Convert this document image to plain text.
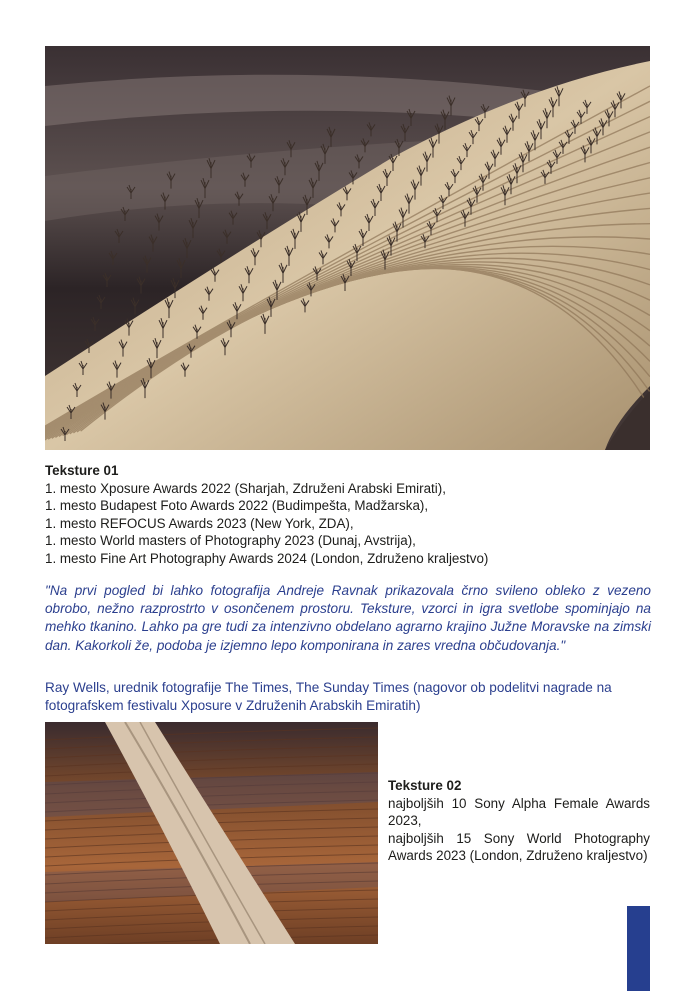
Teksture 01
1. mesto Xposure Awards 2022 (Sharjah, Združeni Arabski Emirati),
1. mesto Budapest Foto Awards 2022 (Budimpešta, Madžarska),
1. mesto REFOCUS Awards 2023 (New York, ZDA),
1. mesto World masters of Photography 2023 (Dunaj, Avstrija),
1. mesto Fine Art Photography Awards 2024 (London, Združeno kraljestvo)
"Na prvi pogled bi lahko fotografija Andreje Ravnak prikazovala črno svileno obleko z vezeno obrobo, nežno razprostrto v osončenem prostoru. Teksture, vzorci in igra svetlobe spominjajo na mehko tkanino. Lahko pa gre tudi za intenzivno obdelano agrarno krajino Južne Moravske na zimski dan. Kakorkoli že, podoba je izjemno lepo komponirana in zares vredna občudovanja."
Ray Wells, urednik fotografije The Times, The Sunday Times (nagovor ob podelitvi nagrade na fotografskem festivalu Xposure v Združenih Arabskih Emiratih)
Teksture 02
najboljših 10 Sony Alpha Female Awards 2023,
najboljših 15 Sony World Photography Awards 2023 (London, Združeno kraljestvo)
